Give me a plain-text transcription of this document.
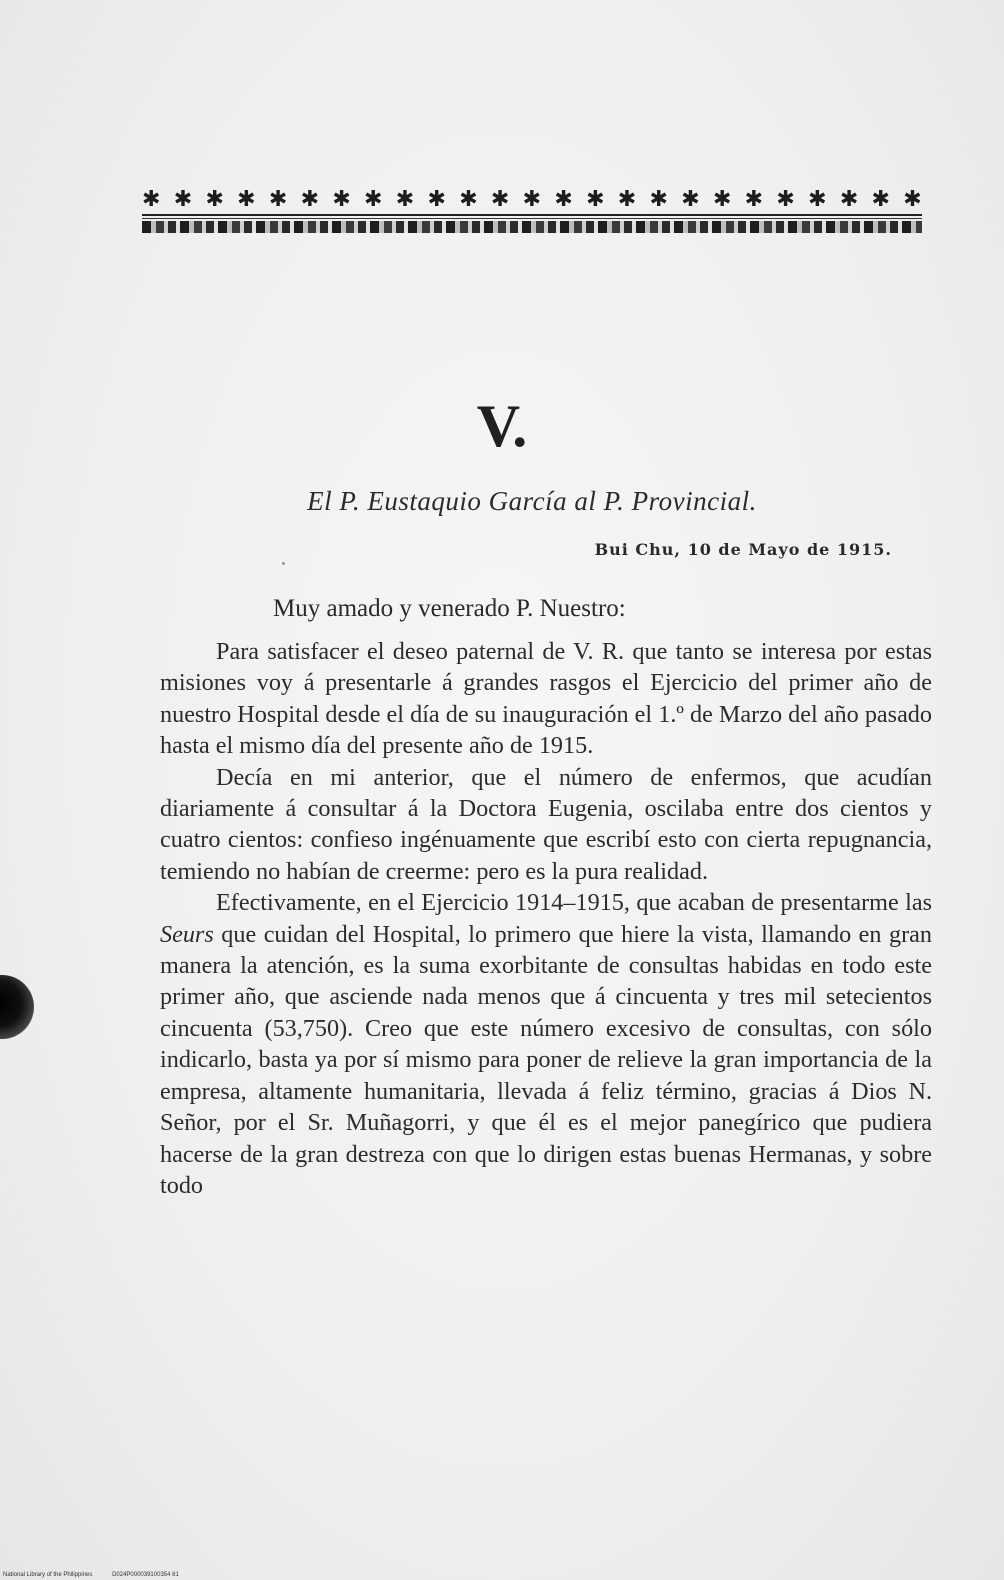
✱ ✱ ✱ ✱ ✱ ✱ ✱ ✱ ✱ ✱ ✱ ✱ ✱ ✱ ✱ ✱ ✱ ✱ ✱ ✱ ✱ ✱ ✱ ✱ ✱
V.
El P. Eustaquio García al P. Provincial.
Bui Chu, 10 de Mayo de 1915.
Muy amado y venerado P. Nuestro:

Para satisfacer el deseo paternal de V. R. que tanto se interesa por estas misiones voy á presentarle á grandes rasgos el Ejercicio del primer año de nuestro Hospital desde el día de su inauguración el 1.º de Marzo del año pasado hasta el mismo día del presente año de 1915.

Decía en mi anterior, que el número de enfermos, que acudían diariamente á consultar á la Doctora Eugenia, oscilaba entre dos cientos y cuatro cientos: confieso ingénuamente que escribí esto con cierta repugnancia, temiendo no habían de creerme: pero es la pura realidad.

Efectivamente, en el Ejercicio 1914–1915, que acaban de presentarme las Seurs que cuidan del Hospital, lo primero que hiere la vista, llamando en gran manera la atención, es la suma exorbitante de consultas habidas en todo este primer año, que asciende nada menos que á cincuenta y tres mil setecientos cincuenta (53,750). Creo que este número excesivo de consultas, con sólo indicarlo, basta ya por sí mismo para poner de relieve la gran importancia de la empresa, altamente humanitaria, llevada á feliz término, gracias á Dios N. Señor, por el Sr. Muñagorri, y que él es el mejor panegírico que pudiera hacerse de la gran destreza con que lo dirigen estas buenas Hermanas, y sobre todo

National Library of the Philippines	D024P000039100354 81
